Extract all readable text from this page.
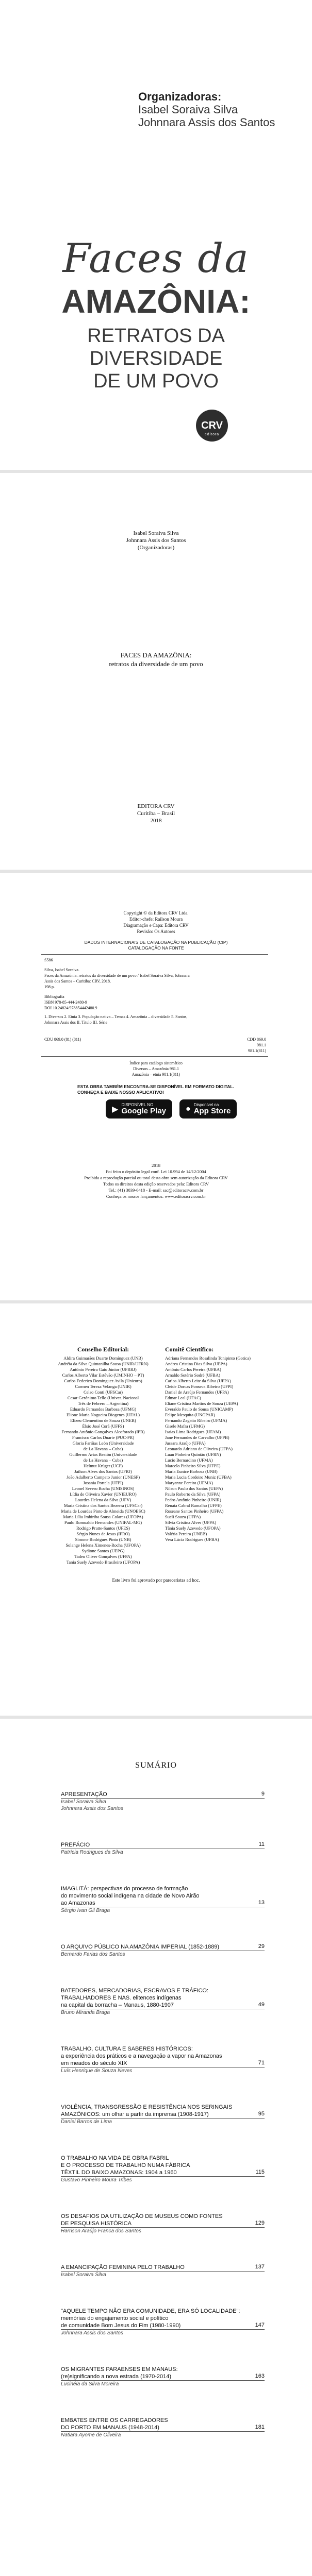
Organizadoras:
Isabel Soraiva Silva
Johnnara Assis dos Santos
Faces da
AMAZÔNIA:
RETRATOS DA
DIVERSIDADE
DE UM POVO
CRV
editora
Isabel Soraiva Silva
Johnnara Assis dos Santos
(Organizadoras)
FACES DA AMAZÔNIA:
retratos da diversidade de um povo
EDITORA CRV
Curitiba – Brasil
2018
Copyright © da Editora CRV Ltda.
Editor-chefe: Railson Moura
Diagramação e Capa: Editora CRV
Revisão: Os Autores
DADOS INTERNACIONAIS DE CATALOGAÇÃO NA PUBLICAÇÃO (CIP)
CATALOGAÇÃO NA FONTE
S586
Silva, Isabel Soraiva.
Faces da Amazônia: retratos da diversidade de um povo / Isabel Soraiva Silva, Johnnara
Assis dos Santos – Curitiba: CRV, 2018.
198 p.
Bibliografia
ISBN 978-85-444-2480-9
DOI 10.24824/978854442480.9
1. Diversos 2. Etnia 3. População nativa – Temas 4. Amazônia – diversidade 5. Santos,
Johnnara Assis dos II. Título III. Série
CDU 869.0 (81) (811)	CDD 869.0
981.1
981.1(811)
Índice para catálogo sistemático
Diversos – Amazônia 981.1
Amazônia – etnia 981.1(811)
ESTA OBRA TAMBÉM ENCONTRA-SE DISPONÍVEL EM FORMATO DIGITAL.
CONHEÇA E BAIXE NOSSO APLICATIVO!
▶ DISPONÍVEL NO
Google Play ● Disponível na
App Store
2018
Foi feito o depósito legal conf. Lei 10.994 de 14/12/2004
Proibida a reprodução parcial ou total desta obra sem autorização da Editora CRV
Todos os direitos desta edição reservados pela: Editora CRV
Tel.: (41) 3039-6418 - E-mail: sac@editoracrv.com.br
Conheça os nossos lançamentos: www.editoracrv.com.br
Conselho Editorial:
Aldira Guimarães Duarte Domínguez (UNB)
Andréia da Silva Quintanilha Sousa (UNIR/UFRN)
Antônio Pereira Gaio Júnior (UFRRJ)
Carlos Alberto Vilar Estêvão (UMINHO – PT)
Carlos Federico Dominguez Avila (Unieuro)
Carmen Tereza Velanga (UNIR)
Celso Conti (UFSCar)
Cesar Gerónimo Tello (Univer. Nacional
Três de Febrero – Argentina)
Eduardo Fernandes Barbosa (UFMG)
Elione Maria Nogueira Diogenes (UFAL)
Elizeu Clementino de Souza (UNEB)
Élsio José Corá (UFFS)
Fernando Antônio Gonçalves Alcoforado (IPB)
Francisco Carlos Duarte (PUC-PR)
Gloria Fariñas León (Universidade
de La Havana – Cuba)
Guillermo Arias Beatón (Universidade
de La Havana – Cuba)
Helmut Krüger (UCP)
Jailson Alves dos Santos (UFRJ)
João Adalberto Campato Junior (UNESP)
Josania Portela (UFPI)
Leonel Severo Rocha (UNISINOS)
Lídia de Oliveira Xavier (UNIEURO)
Lourdes Helena da Silva (UFV)
Maria Cristina dos Santos Bezerra (UFSCar)
Maria de Lourdes Pinto de Almeida (UNOESC)
Maria Lília Imbiriba Sousa Colares (UFOPA)
Paulo Romualdo Hernandes (UNIFAL-MG)
Rodrigo Pratte-Santos (UFES)
Sérgio Nunes de Jesus (IFRO)
Simone Rodrigues Pinto (UNB)
Solange Helena Ximenes-Rocha (UFOPA)
Sydione Santos (UEPG)
Tadeu Oliver Gonçalves (UFPA)
Tania Suely Azevedo Brasileiro (UFOPA)
Comitê Científico:
Adriana Fernandes Rosalinda Tonipinto (Gotica)
Andrea Cristina Dias Silva (UEPA)
Antônio Carlos Pereira (UFBA)
Arnaldo Sotério Sodré (UFBA)
Carlos Alberto Leite da Silva (UFPA)
Cleide Dorcas Fonseca Ribeiro (UFPI)
Daniel de Araújo Fernandes (UFPA)
Edmar Leal (UFAC)
Eliane Cristina Martins de Souza (UEPA)
Everaldo Paulo de Sousa (UNICAMP)
Felipe Mesquita (UNOPAR)
Fernando Zagatto Ribeiro (UFMA)
Gisele Mafra (UFMG)
Isaias Lima Rodrigues (UFAM)
Jane Fernandes de Carvalho (UFPB)
Jussara Araújo (UFPA)
Leonardo Adriano de Oliveira (UFPA)
Luan Pinheiro Quintão (UFRN)
Lucio Bernardino (UFMA)
Marcelo Pinheiro Silva (UFPE)
Maria Eunice Barbosa (UNB)
Maria Lucia Cordeiro Muniz (UFBA)
Maryanne Pereira (UFMA)
Nilson Paulo dos Santos (UEPA)
Paulo Roberto da Silva (UFPA)
Pedro Antônio Pinheiro (UNIR)
Renata Cabral Ramalho (UFPE)
Roseane Santos Pinheiro (UFPA)
Sueli Souza (UFPA)
Sílvia Cristina Alves (UFPA)
Tânia Suely Azevedo (UFOPA)
Valéria Pereira (UNEB)
Vera Lúcia Rodrigues (UFBA)
Este livro foi aprovado por pareceristas ad hoc.
SUMÁRIO
APRESENTAÇÃO	9
Isabel Soraiva Silva
Johnnara Assis dos Santos
PREFÁCIO	11
Patrícia Rodrigues da Silva
IMAGI.ITÁ: perspectivas do processo de formação
do movimento social indígena na cidade de Novo Airão
ao Amazonas	13
Sérgio Ivan Gil Braga
O ARQUIVO PÚBLICO NA AMAZÔNIA IMPERIAL (1852-1889)	29
Bernardo Farias dos Santos
BATEDORES, MERCADORIAS, ESCRAVOS E TRÁFICO:
TRABALHADORES E NAS. elitences indígenas
na capital da borracha – Manaus, 1880-1907	49
Bruno Miranda Braga
TRABALHO, CULTURA E SABERES HISTÓRICOS:
a experiência dos práticos e a navegação a vapor na Amazonas
em meados do século XIX	71
Luís Henrique de Souza Neves
VIOLÊNCIA, TRANSGRESSÃO E RESISTÊNCIA NOS SERINGAIS
AMAZÔNICOS: um olhar a partir da imprensa (1908-1917)	95
Daniel Barros de Lima
O TRABALHO NA VIDA DE OBRA FABRIL
E O PROCESSO DE TRABALHO NUMA FÁBRICA
TÊXTIL DO BAIXO AMAZONAS: 1904 a 1960	115
Gustavo Pinheiro Moura Tribes
OS DESAFIOS DA UTILIZAÇÃO DE MUSEUS COMO FONTES
DE PESQUISA HISTÓRICA	129
Harrison Araújo Franca dos Santos
A EMANCIPAÇÃO FEMININA PELO TRABALHO	137
Isabel Soraiva Silva
"AQUELE TEMPO NÃO ERA COMUNIDADE, ERA SÓ LOCALIDADE":
memórias do engajamento social e político
de comunidade Bom Jesus do Fim (1980-1990)	147
Johnnara Assis dos Santos
OS MIGRANTES PARAENSES EM MANAUS:
(re)significando a nova estrada (1970-2014)	163
Lucinéia da Silva Moreira
EMBATES ENTRE OS CARREGADORES
DO PORTO EM MANAUS (1948-2014)	181
Natiara Ayome de Oliveira
